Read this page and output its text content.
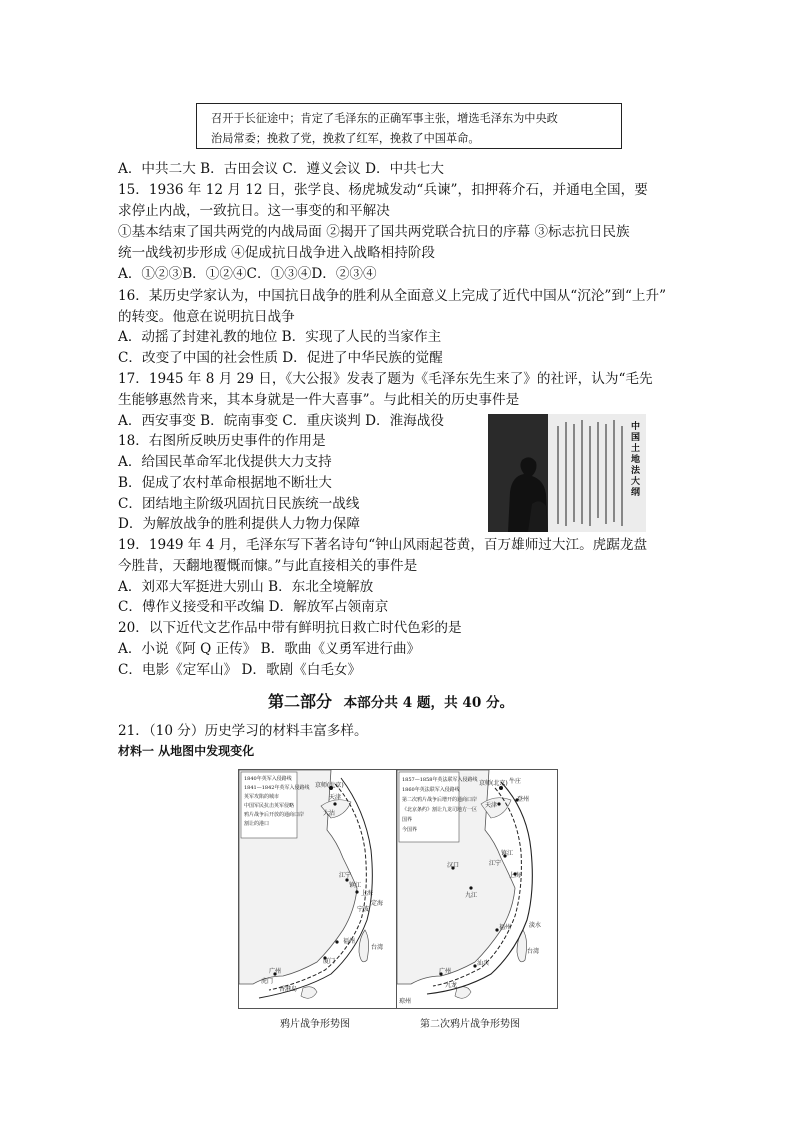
召开于长征途中；肯定了毛泽东的正确军事主张，增选毛泽东为中央政
治局常委；挽救了党，挽救了红军，挽救了中国革命。
A．中共二大 B．古田会议 C．遵义会议 D．中共七大
15．1936 年 12 月 12 日，张学良、杨虎城发动“兵谏”，扣押蒋介石，并通电全国，要
求停止内战，一致抗日。这一事变的和平解决
①基本结束了国共两党的内战局面 ②揭开了国共两党联合抗日的序幕 ③标志抗日民族
统一战线初步形成 ④促成抗日战争进入战略相持阶段
A．①②③B．①②④C．①③④D．②③④
16．某历史学家认为，中国抗日战争的胜利从全面意义上完成了近代中国从“沉沦”到“上升”
的转变。他意在说明抗日战争
A．动摇了封建礼教的地位 B．实现了人民的当家作主
C．改变了中国的社会性质 D．促进了中华民族的觉醒
17．1945 年 8 月 29 日，《大公报》发表了题为《毛泽东先生来了》的社评，认为“毛先
生能够惠然肯来，其本身就是一件大喜事”。与此相关的历史事件是
A．西安事变 B．皖南事变 C．重庆谈判 D．淮海战役
18．右图所反映历史事件的作用是
A．给国民革命军北伐提供大力支持
B．促成了农村革命根据地不断壮大
C．团结地主阶级巩固抗日民族统一战线
D．为解放战争的胜利提供人力物力保障
中国土地法大纲
19．1949 年 4 月，毛泽东写下著名诗句“钟山风雨起苍黄，百万雄师过大江。虎踞龙盘
今胜昔，天翻地覆慨而慷。”与此直接相关的事件是
A．刘邓大军挺进大别山 B．东北全境解放
C．傅作义接受和平改编 D．解放军占领南京
20．以下近代文艺作品中带有鲜明抗日救亡时代色彩的是
A．小说《阿 Q 正传》 B．歌曲《义勇军进行曲》
C．电影《定军山》 D．歌剧《白毛女》
第二部分 本部分共 4 题，共 40 分。
21．（10 分）历史学习的材料丰富多样。
材料一 从地图中发现变化
1840年英军入侵路线
1841—1842年英军入侵路线
英军攻陷的城市
中国军民抗击英军侵略
鸦片战争后开放的通商口岸
割让的港口
京师(北京)
天津
大沽
江宁
镇江
上海
宁波
定海
福州
厦门
台湾
广州
香港岛
虎门
鸦片战争形势图
1857—1858年英法联军入侵路线
1860年英法联军入侵路线
第二次鸦片战争后增开的通商口岸
《北京条约》割让九龙司地方一区
国界
今国界
京师(北京)
天津
牛庄
登州
镇江
江宁
汉口
上海
九江
福州	淡水
汕头
广州
台湾
琼州
九龙
第二次鸦片战争形势图
